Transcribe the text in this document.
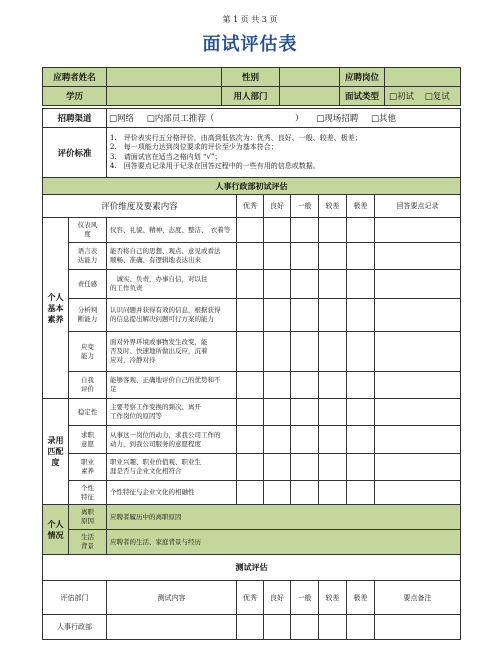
第 1 页 共 3 页
面试评估表
应聘者姓名		性别		应聘岗位	
学历		用人部门		面试类型	□初试 □复试
招聘渠道		□网络 □内部员工推荐（ ） □现场招聘 □其他						
评价标准		1.　评价表实行五分格评价，由高到低依次为：优秀、良好、一般、较差、极差；
2.　每一项能力达到岗位要求的评价至少为基本符合；
3.　请面试官在适当之格内划 “√”；
4.　回答要点记录用于记录在回答过程中的一些有用的信息或数据。						

人事行政部初试评估								
评价维度及要素内容			优秀	良好	一般	较差	极差	回答要点记录
个人
基本
素养	仪表风
度	仪容、礼貌、精神、态度、整洁、　衣着等						
	语言表
达能力	能否将自己的思想、观点、意见或看法
顺畅、准确、有逻辑地表达出来						
	责任感	　诚实、负责，办事自信，对以往
的工作负责						
	分析判
断能力	认识问题并获得有效的信息，根据获得
的信息提出解决问题可行方案的能力						
	应变
能力	面对外界环境或事物发生改变，能
否及时、快速地所做出反应，沉着
应对，冷静对待						
	自我
评价	能够客观、正确地评价自己的优势和不
足						
录用
匹配
度	稳定性	主要考察工作变换的频次、离开
工作岗位的原因等						
	求职
意愿	从事这一岗位的动力，求我公司工作的
动力，到我公司服务的意愿程度						
	职业
素养	职业兴趣、职业价值观、职业生
涯是否与企业文化相符合						
	个性
特征	个性特征与企业文化的相融性						
个人
情况	离职
原因	应聘者履历中的离职原因						
	生活
背景	应聘者的生活、家庭背景与经历						
测试评估								
评估部门		测试内容	优秀	良好	一般	较差	极差	要点备注
人事行政部								
